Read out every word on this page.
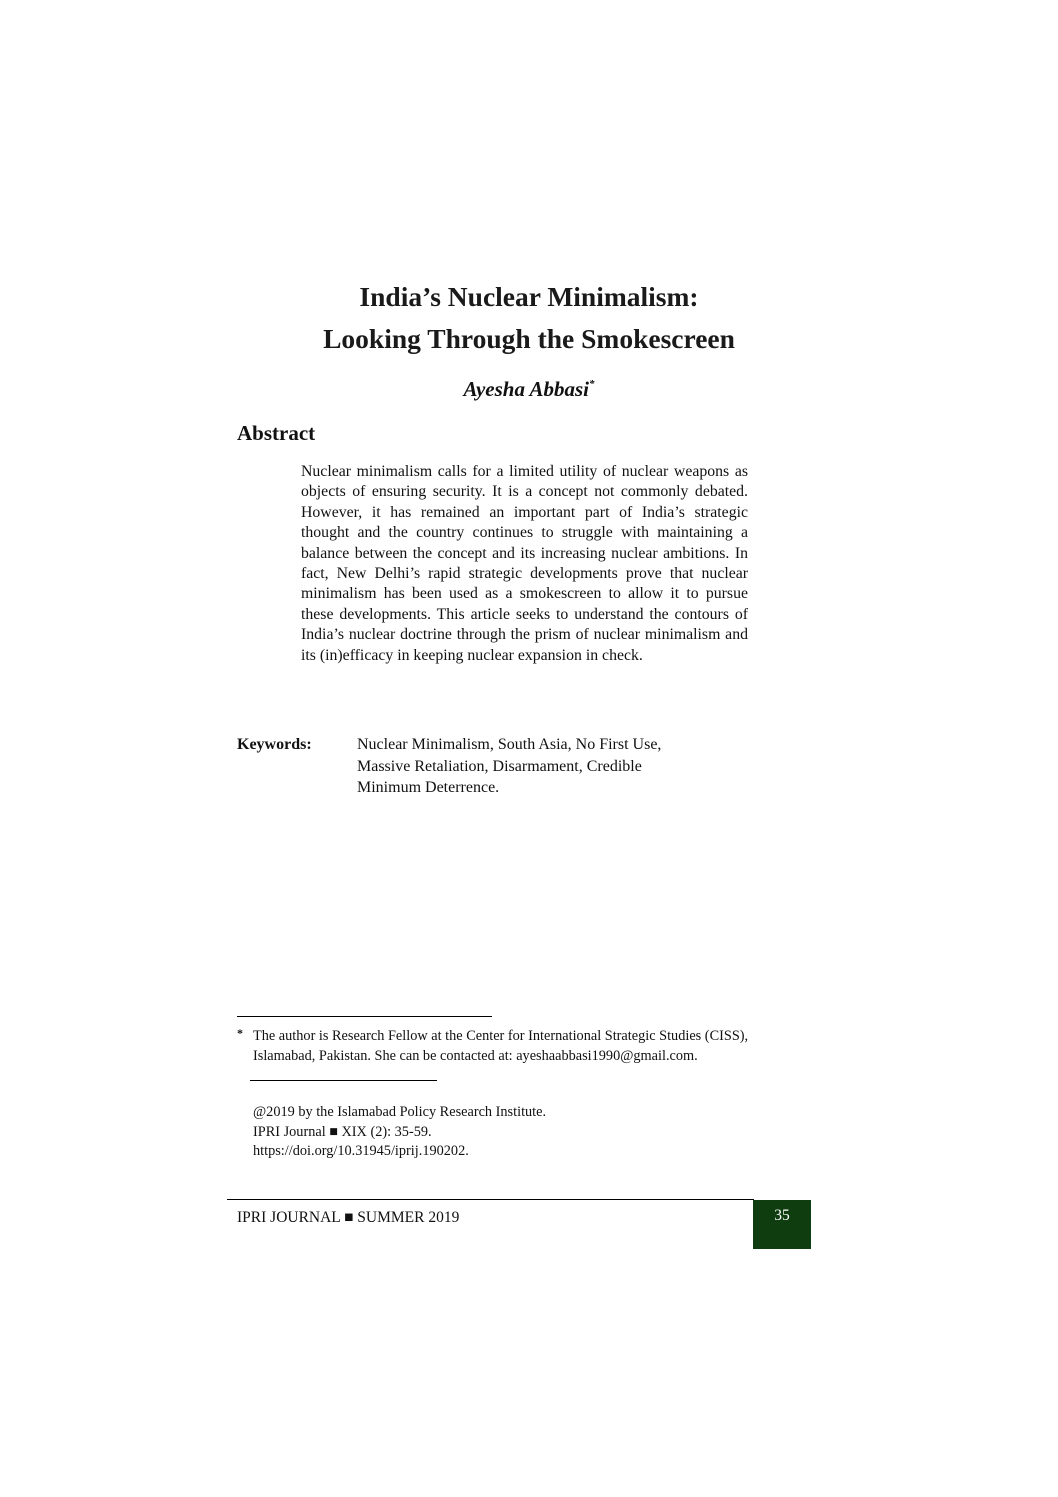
India’s Nuclear Minimalism:
Looking Through the Smokescreen
Ayesha Abbasi*
Abstract
Nuclear minimalism calls for a limited utility of nuclear weapons as objects of ensuring security. It is a concept not commonly debated. However, it has remained an important part of India’s strategic thought and the country continues to struggle with maintaining a balance between the concept and its increasing nuclear ambitions. In fact, New Delhi’s rapid strategic developments prove that nuclear minimalism has been used as a smokescreen to allow it to pursue these developments. This article seeks to understand the contours of India’s nuclear doctrine through the prism of nuclear minimalism and its (in)efficacy in keeping nuclear expansion in check.
Keywords:	Nuclear Minimalism, South Asia, No First Use, Massive Retaliation, Disarmament, Credible Minimum Deterrence.
* The author is Research Fellow at the Center for International Strategic Studies (CISS),
Islamabad, Pakistan. She can be contacted at: ayeshaabbasi1990@gmail.com.
@2019 by the Islamabad Policy Research Institute.
IPRI Journal ■ XIX (2): 35-59.
https://doi.org/10.31945/iprij.190202.
IPRI JOURNAL ■ SUMMER 2019	35
